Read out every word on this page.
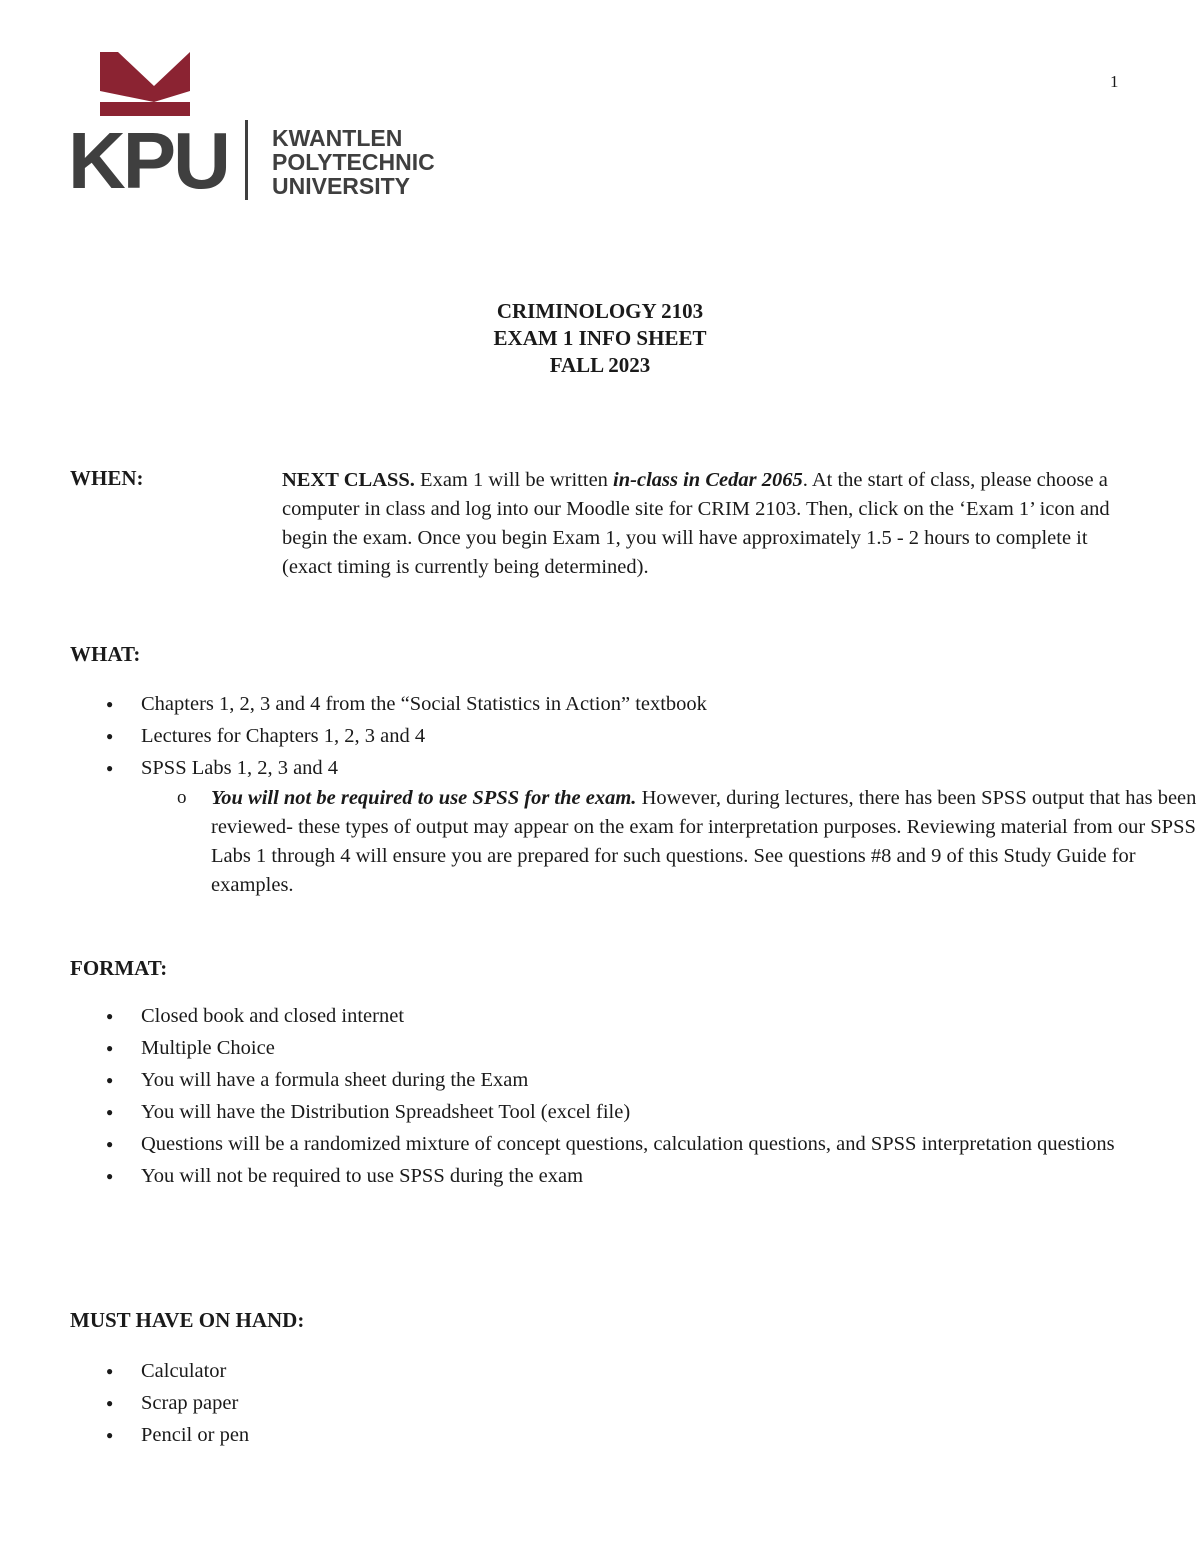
1
KPU KWANTLEN
POLYTECHNIC
UNIVERSITY
CRIMINOLOGY 2103
EXAM 1 INFO SHEET
FALL 2023
WHEN:	NEXT CLASS. Exam 1 will be written in-class in Cedar 2065. At the start of class, please choose a computer in class and log into our Moodle site for CRIM 2103. Then, click on the ‘Exam 1’ icon and begin the exam. Once you begin Exam 1, you will have approximately 1.5 - 2 hours to complete it (exact timing is currently being determined).
WHAT:
● Chapters 1, 2, 3 and 4 from the “Social Statistics in Action” textbook
● Lectures for Chapters 1, 2, 3 and 4
● SPSS Labs 1, 2, 3 and 4
o You will not be required to use SPSS for the exam. However, during lectures, there has been SPSS output that has been reviewed- these types of output may appear on the exam for interpretation purposes. Reviewing material from our SPSS Labs 1 through 4 will ensure you are prepared for such questions. See questions #8 and 9 of this Study Guide for examples.
FORMAT:
● Closed book and closed internet
● Multiple Choice
● You will have a formula sheet during the Exam
● You will have the Distribution Spreadsheet Tool (excel file)
● Questions will be a randomized mixture of concept questions, calculation questions, and SPSS interpretation questions
● You will not be required to use SPSS during the exam
MUST HAVE ON HAND:
● Calculator
● Scrap paper
● Pencil or pen
